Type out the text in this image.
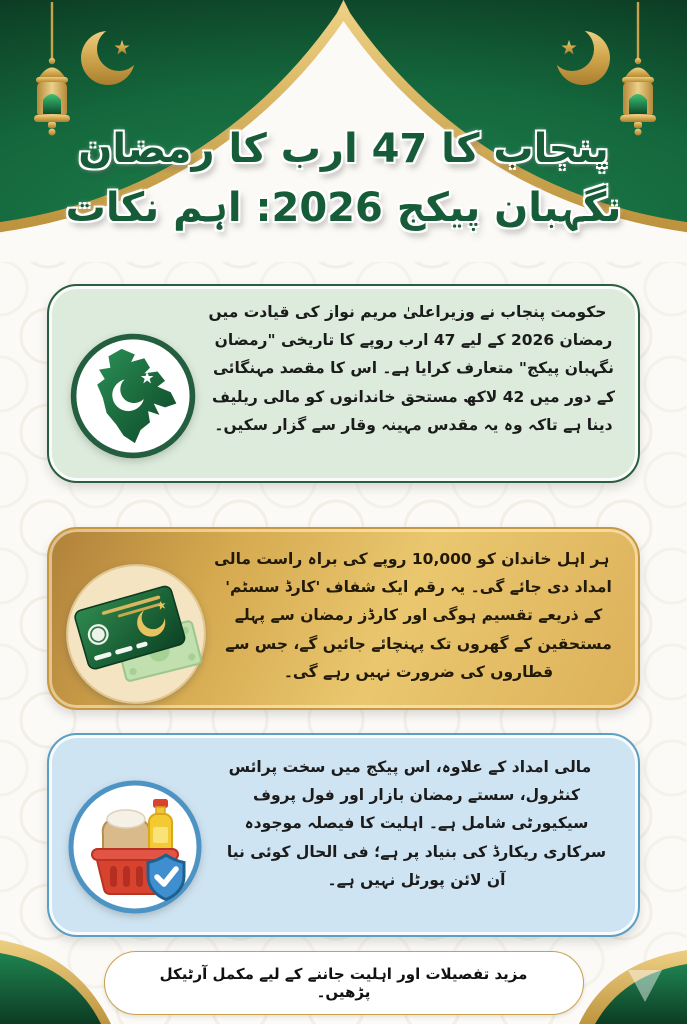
پنجاب کا 47 ارب کا رمضان
نگہبان پیکج 2026: اہم نکات
حکومت پنجاب نے وزیراعلیٰ مریم نواز کی قیادت میں رمضان 2026 کے لیے 47 ارب روپے کا تاریخی "رمضان نگہبان پیکج" متعارف کرایا ہے۔ اس کا مقصد مہنگائی کے دور میں 42 لاکھ مستحق خاندانوں کو مالی ریلیف دینا ہے تاکہ وہ یہ مقدس مہینہ وقار سے گزار سکیں۔
ہر اہل خاندان کو 10,000 روپے کی براہ راست مالی امداد دی جائے گی۔ یہ رقم ایک شفاف 'کارڈ سسٹم' کے ذریعے تقسیم ہوگی اور کارڈز رمضان سے پہلے مستحقین کے گھروں تک پہنچائے جائیں گے، جس سے قطاروں کی ضرورت نہیں رہے گی۔
مالی امداد کے علاوہ، اس پیکج میں سخت پرائس کنٹرول، سستے رمضان بازار اور فول پروف سیکیورٹی شامل ہے۔ اہلیت کا فیصلہ موجودہ سرکاری ریکارڈ کی بنیاد پر ہے؛ فی الحال کوئی نیا آن لائن پورٹل نہیں ہے۔
مزید تفصیلات اور اہلیت جاننے کے لیے مکمل آرٹیکل پڑھیں۔
